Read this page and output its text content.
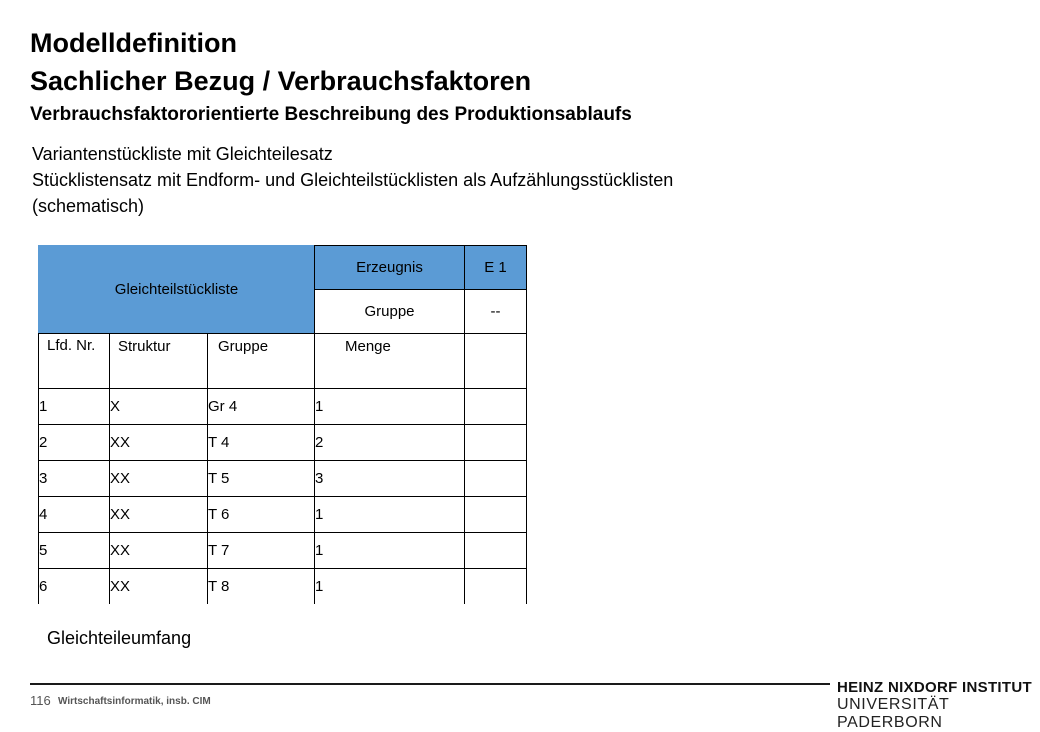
Modelldefinition
Sachlicher Bezug / Verbrauchsfaktoren
Verbrauchsfaktororientierte Beschreibung des Produktionsablaufs
Variantenstückliste mit Gleichteilesatz
Stücklistensatz mit Endform- und Gleichteilstücklisten als Aufzählungsstücklisten
(schematisch)
Gleichteilstückliste			Erzeugnis	E 1
			Gruppe	--
Lfd. Nr.	Struktur	Gruppe	Menge	
1	X	Gr 4	1	
2	XX	T 4	2	
3	XX	T 5	3	
4	XX	T 6	1	
5	XX	T 7	1	
6	XX	T 8	1	
Gleichteileumfang
116 Wirtschaftsinformatik, insb. CIM
HEINZ NIXDORF INSTITUT
UNIVERSITÄT PADERBORN
